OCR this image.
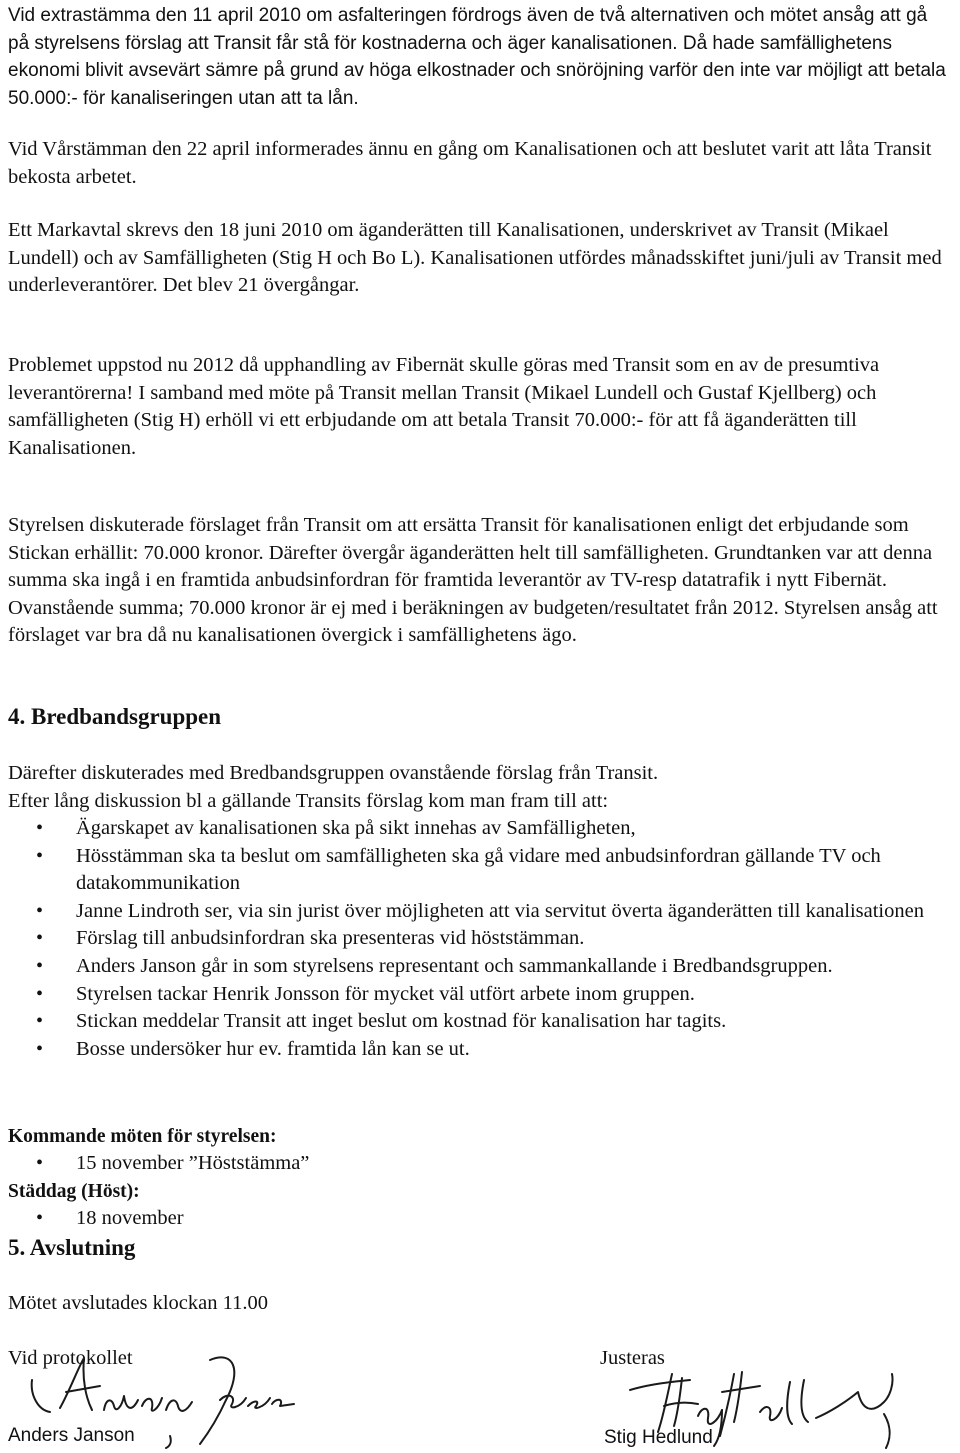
Vid extrastämma den 11 april 2010 om asfalteringen fördrogs även de två alternativen och mötet ansåg att gå på styrelsens förslag att Transit får stå för kostnaderna och äger kanalisationen. Då hade samfällighetens ekonomi blivit avsevärt sämre på grund av höga elkostnader och snöröjning varför den inte var möjligt att betala 50.000:- för kanaliseringen utan att ta lån.

Vid Vårstämman den 22 april informerades ännu en gång om Kanalisationen och att beslutet varit att låta Transit bekosta arbetet.

Ett Markavtal skrevs den 18 juni 2010 om äganderätten till Kanalisationen, underskrivet av Transit (Mikael Lundell) och av Samfälligheten (Stig H och Bo L). Kanalisationen utfördes månadsskiftet juni/juli av Transit med underleverantörer. Det blev 21 övergångar.

Problemet uppstod nu 2012 då upphandling av Fibernät skulle göras med Transit som en av de presumtiva leverantörerna! I samband med möte på Transit mellan Transit (Mikael Lundell och Gustaf Kjellberg) och samfälligheten (Stig H) erhöll vi ett erbjudande om att betala Transit 70.000:- för att få äganderätten till Kanalisationen.

Styrelsen diskuterade förslaget från Transit om att ersätta Transit för kanalisationen enligt det erbjudande som Stickan erhällit: 70.000 kronor. Därefter övergår äganderätten helt till samfälligheten. Grundtanken var att denna summa ska ingå i en framtida anbudsinfordran för framtida leverantör av TV-resp datatrafik i nytt Fibernät. Ovanstående summa; 70.000 kronor är ej med i beräkningen av budgeten/resultatet från 2012. Styrelsen ansåg att förslaget var bra då nu kanalisationen övergick i samfällighetens ägo.

4. Bredbandsgruppen

Därefter diskuterades med Bredbandsgruppen ovanstående förslag från Transit.

Efter lång diskussion bl a gällande Transits förslag kom man fram till att:

• Ägarskapet av kanalisationen ska på sikt innehas av Samfälligheten,
• Hösstämman ska ta beslut om samfälligheten ska gå vidare med anbudsinfordran gällande TV och datakommunikation
• Janne Lindroth ser, via sin jurist över möjligheten att via servitut överta äganderätten till kanalisationen
• Förslag till anbudsinfordran ska presenteras vid höststämman.
• Anders Janson går in som styrelsens representant och sammankallande i Bredbandsgruppen.
• Styrelsen tackar Henrik Jonsson för mycket väl utfört arbete inom gruppen.
• Stickan meddelar Transit att inget beslut om kostnad för kanalisation har tagits.
• Bosse undersöker hur ev. framtida lån kan se ut.
Kommande möten för styrelsen:
• 15 november ”Höststämma”
Städdag (Höst):
• 18 november
5. Avslutning

Mötet avslutades klockan 11.00

Vid protokollet
Anders Janson
Justeras
Stig Hedlund
